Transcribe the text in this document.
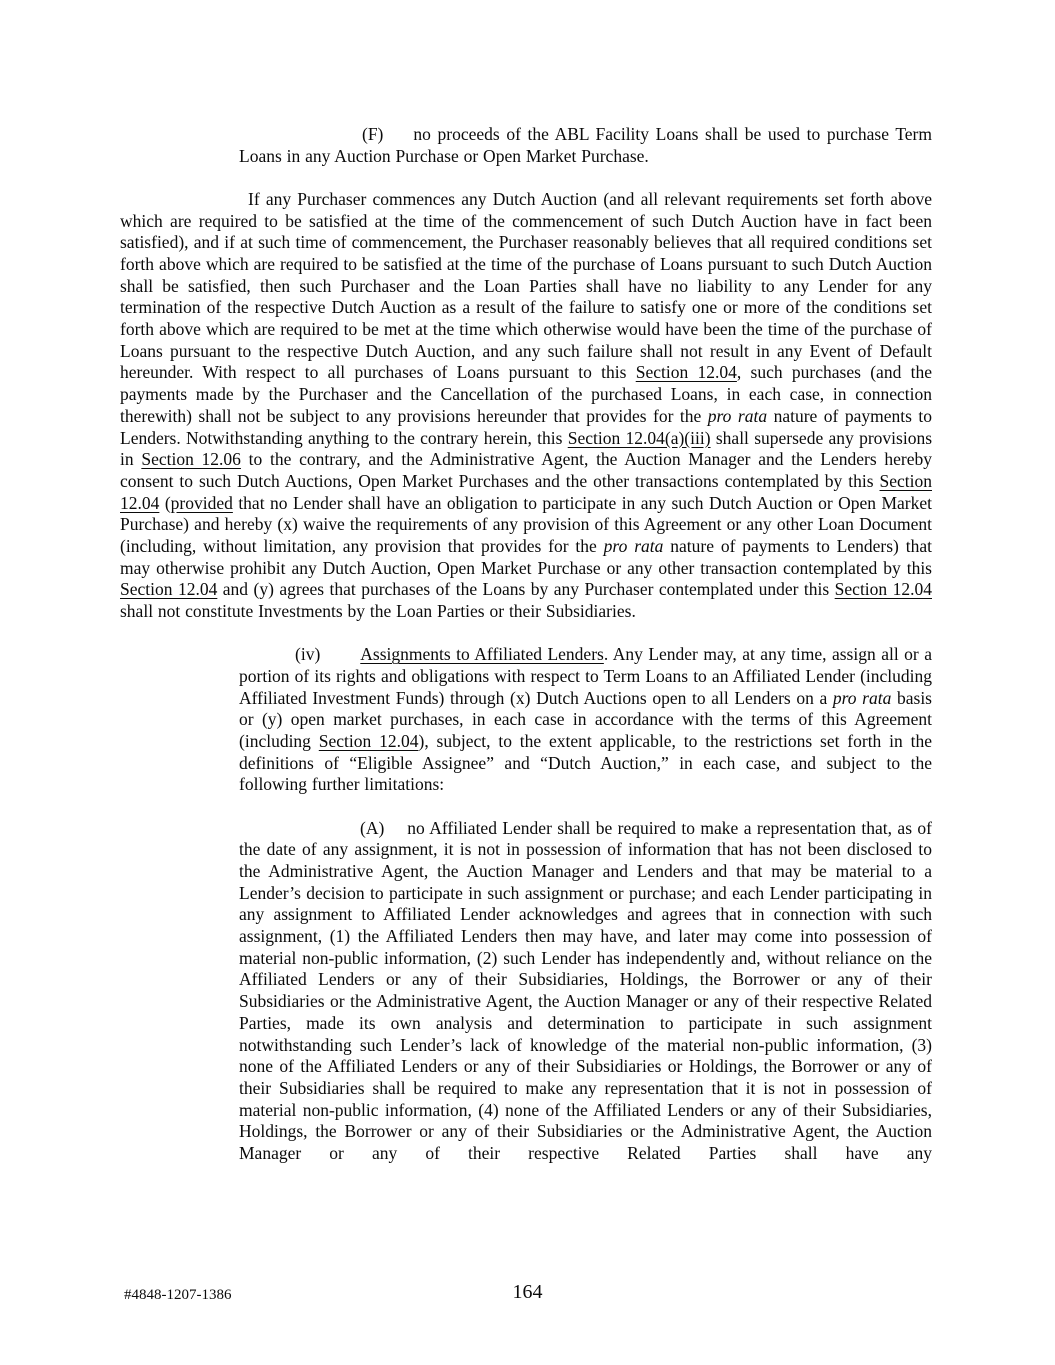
(F) no proceeds of the ABL Facility Loans shall be used to purchase Term Loans in any Auction Purchase or Open Market Purchase.

If any Purchaser commences any Dutch Auction (and all relevant requirements set forth above which are required to be satisfied at the time of the commencement of such Dutch Auction have in fact been satisfied), and if at such time of commencement, the Purchaser reasonably believes that all required conditions set forth above which are required to be satisfied at the time of the purchase of Loans pursuant to such Dutch Auction shall be satisfied, then such Purchaser and the Loan Parties shall have no liability to any Lender for any termination of the respective Dutch Auction as a result of the failure to satisfy one or more of the conditions set forth above which are required to be met at the time which otherwise would have been the time of the purchase of Loans pursuant to the respective Dutch Auction, and any such failure shall not result in any Event of Default hereunder. With respect to all purchases of Loans pursuant to this Section 12.04, such purchases (and the payments made by the Purchaser and the Cancellation of the purchased Loans, in each case, in connection therewith) shall not be subject to any provisions hereunder that provides for the pro rata nature of payments to Lenders. Notwithstanding anything to the contrary herein, this Section 12.04(a)(iii) shall supersede any provisions in Section 12.06 to the contrary, and the Administrative Agent, the Auction Manager and the Lenders hereby consent to such Dutch Auctions, Open Market Purchases and the other transactions contemplated by this Section 12.04 (provided that no Lender shall have an obligation to participate in any such Dutch Auction or Open Market Purchase) and hereby (x) waive the requirements of any provision of this Agreement or any other Loan Document (including, without limitation, any provision that provides for the pro rata nature of payments to Lenders) that may otherwise prohibit any Dutch Auction, Open Market Purchase or any other transaction contemplated by this Section 12.04 and (y) agrees that purchases of the Loans by any Purchaser contemplated under this Section 12.04 shall not constitute Investments by the Loan Parties or their Subsidiaries.

(iv) Assignments to Affiliated Lenders. Any Lender may, at any time, assign all or a portion of its rights and obligations with respect to Term Loans to an Affiliated Lender (including Affiliated Investment Funds) through (x) Dutch Auctions open to all Lenders on a pro rata basis or (y) open market purchases, in each case in accordance with the terms of this Agreement (including Section 12.04), subject, to the extent applicable, to the restrictions set forth in the definitions of “Eligible Assignee” and “Dutch Auction,” in each case, and subject to the following further limitations:

(A) no Affiliated Lender shall be required to make a representation that, as of the date of any assignment, it is not in possession of information that has not been disclosed to the Administrative Agent, the Auction Manager and Lenders and that may be material to a Lender’s decision to participate in such assignment or purchase; and each Lender participating in any assignment to Affiliated Lender acknowledges and agrees that in connection with such assignment, (1) the Affiliated Lenders then may have, and later may come into possession of material non-public information, (2) such Lender has independently and, without reliance on the Affiliated Lenders or any of their Subsidiaries, Holdings, the Borrower or any of their Subsidiaries or the Administrative Agent, the Auction Manager or any of their respective Related Parties, made its own analysis and determination to participate in such assignment notwithstanding such Lender’s lack of knowledge of the material non-public information, (3) none of the Affiliated Lenders or any of their Subsidiaries or Holdings, the Borrower or any of their Subsidiaries shall be required to make any representation that it is not in possession of material non-public information, (4) none of the Affiliated Lenders or any of their Subsidiaries, Holdings, the Borrower or any of their Subsidiaries or the Administrative Agent, the Auction Manager or any of their respective Related Parties shall have any

#4848-1207-1386	164
